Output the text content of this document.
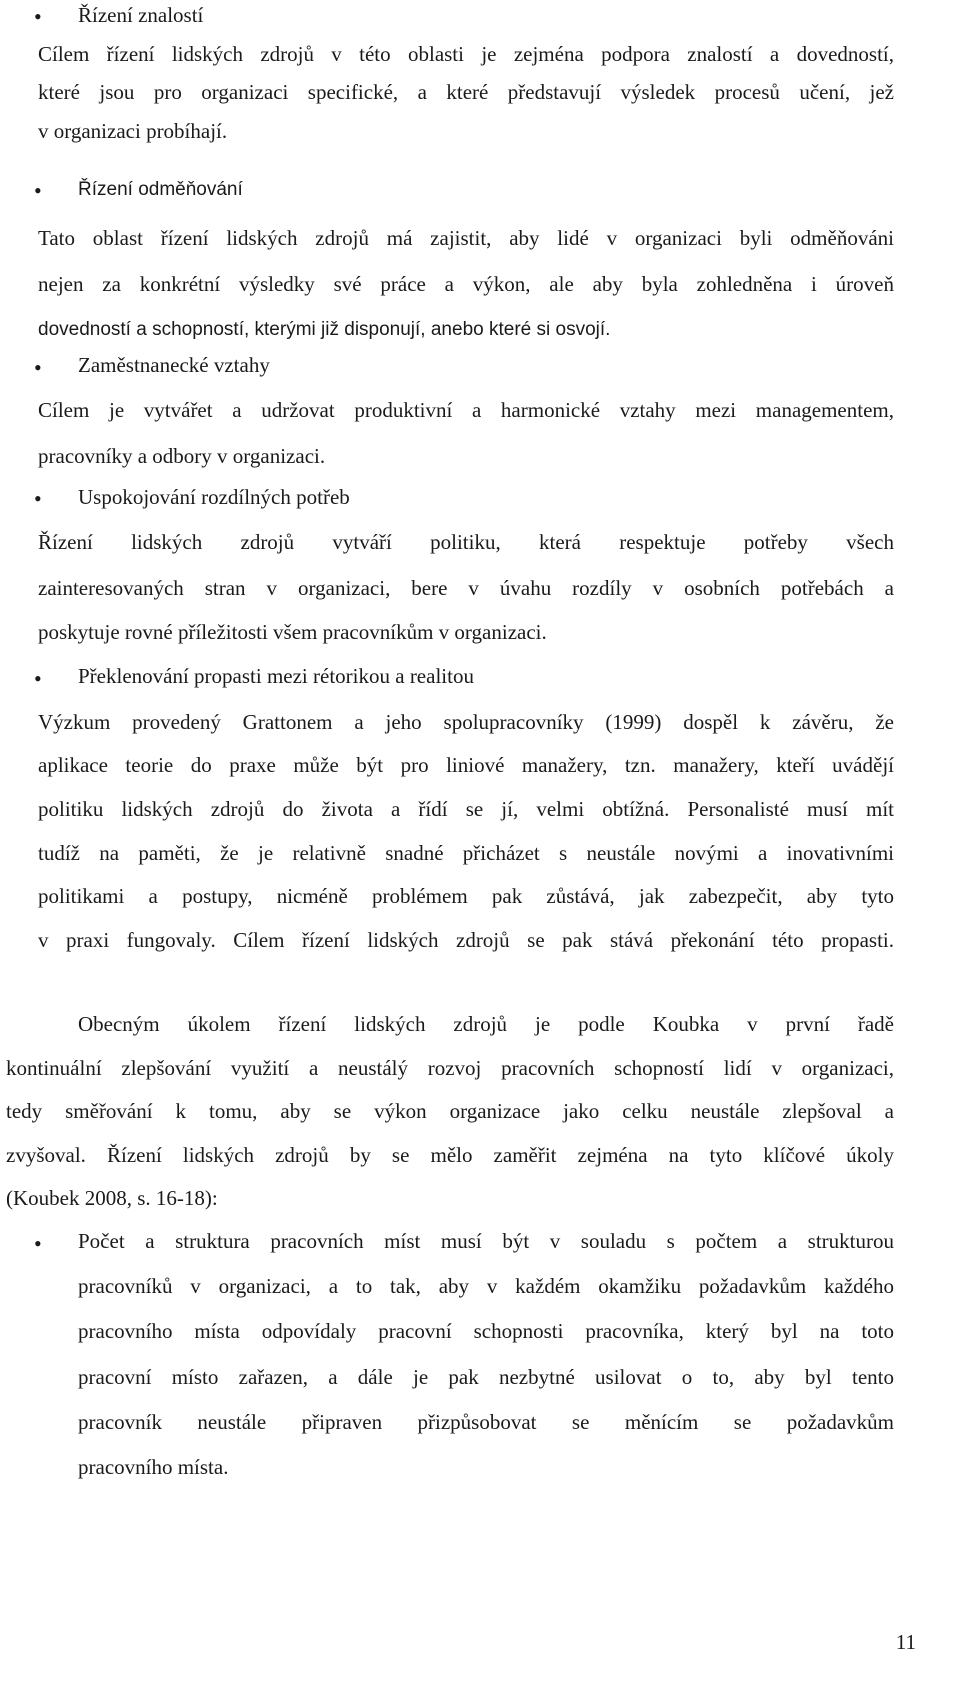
• Řízení znalostí
Cílem řízení lidských zdrojů v této oblasti je zejména podpora znalostí a dovedností,
které jsou pro organizaci specifické, a které představují výsledek procesů učení, jež
v organizaci probíhají.
• Řízení odměňování
Tato oblast řízení lidských zdrojů má zajistit, aby lidé v organizaci byli odměňováni
nejen za konkrétní výsledky své práce a výkon, ale aby byla zohledněna i úroveň
dovedností a schopností, kterými již disponují, anebo které si osvojí.
• Zaměstnanecké vztahy
Cílem je vytvářet a udržovat produktivní a harmonické vztahy mezi managementem,
pracovníky a odbory v organizaci.
• Uspokojování rozdílných potřeb
Řízení lidských zdrojů vytváří politiku, která respektuje potřeby všech
zainteresovaných stran v organizaci, bere v úvahu rozdíly v osobních potřebách a
poskytuje rovné příležitosti všem pracovníkům v organizaci.
• Překlenování propasti mezi rétorikou a realitou
Výzkum provedený Grattonem a jeho spolupracovníky (1999) dospěl k závěru, že
aplikace teorie do praxe může být pro liniové manažery, tzn. manažery, kteří uvádějí
politiku lidských zdrojů do života a řídí se jí, velmi obtížná. Personalisté musí mít
tudíž na paměti, že je relativně snadné přicházet s neustále novými a inovativními
politikami a postupy, nicméně problémem pak zůstává, jak zabezpečit, aby tyto
v praxi fungovaly. Cílem řízení lidských zdrojů se pak stává překonání této propasti.
Obecným úkolem řízení lidských zdrojů je podle Koubka v první řadě
kontinuální zlepšování využití a neustálý rozvoj pracovních schopností lidí v organizaci,
tedy směřování k tomu, aby se výkon organizace jako celku neustále zlepšoval a
zvyšoval. Řízení lidských zdrojů by se mělo zaměřit zejména na tyto klíčové úkoly
(Koubek 2008, s. 16-18):
• Počet a struktura pracovních míst musí být v souladu s počtem a strukturou
pracovníků v organizaci, a to tak, aby v každém okamžiku požadavkům každého
pracovního místa odpovídaly pracovní schopnosti pracovníka, který byl na toto
pracovní místo zařazen, a dále je pak nezbytné usilovat o to, aby byl tento
pracovník neustále připraven přizpůsobovat se měnícím se požadavkům
pracovního místa.
11
